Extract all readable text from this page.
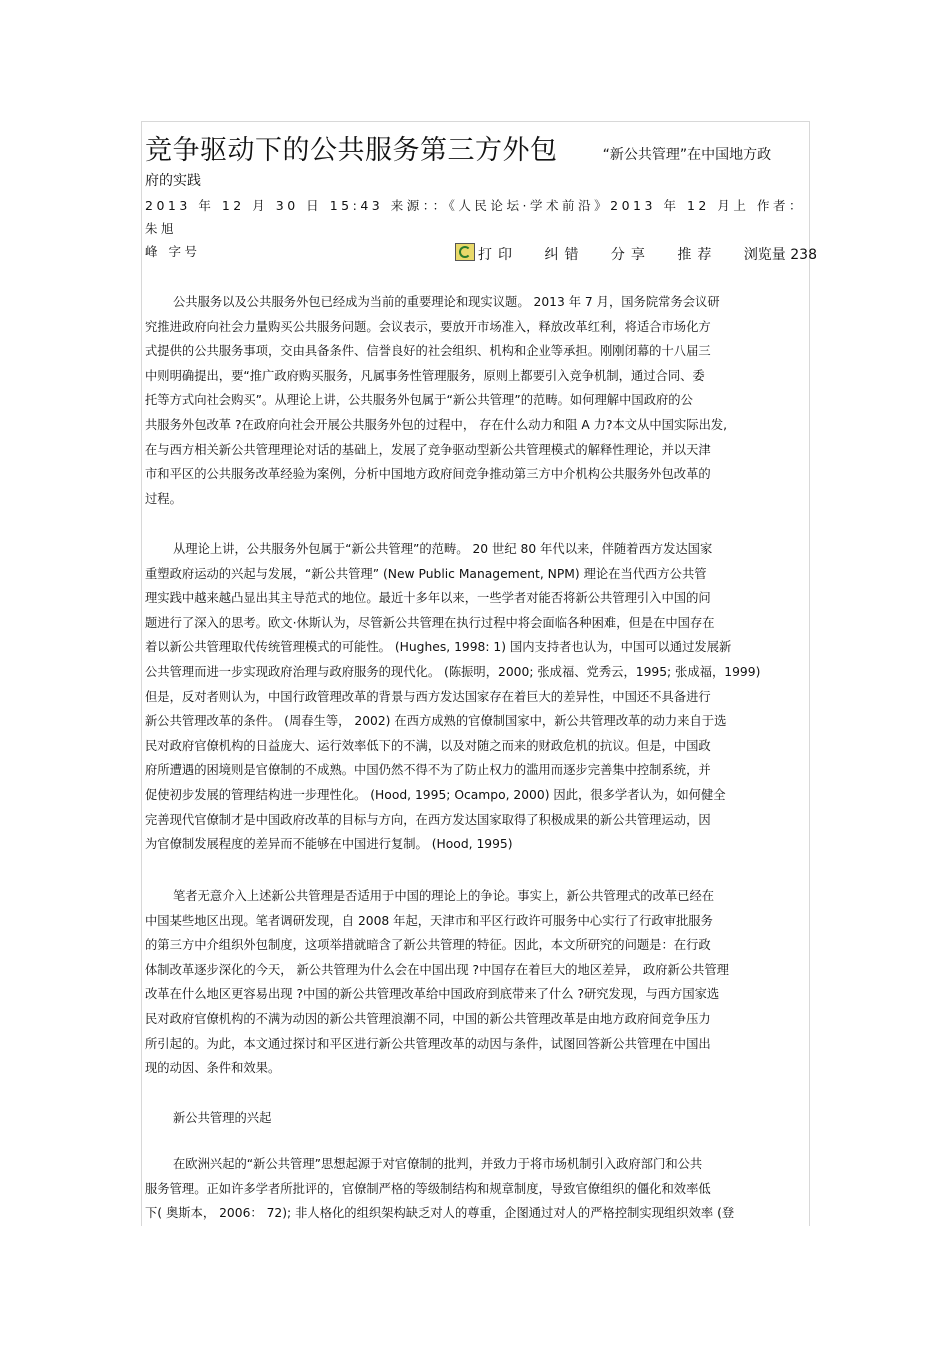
竞争驱动下的公共服务第三方外包	“新公共管理”在中国地方政
府的实践
2013 年 12 月 30 日 15:43 来源：：《人民论坛·学术前沿》2013 年 12 月上 作者：朱旭
峰 字号	打印 纠错 分享 推荐 浏览量 238

公共服务以及公共服务外包已经成为当前的重要理论和现实议题。 2013 年 7 月，国务院常务会议研

究推进政府向社会力量购买公共服务问题。会议表示，要放开市场准入，释放改革红利，将适合市场化方

式提供的公共服务事项，交由具备条件、信誉良好的社会组织、机构和企业等承担。刚刚闭幕的十八届三

中则明确提出，要“推广政府购买服务，凡属事务性管理服务，原则上都要引入竞争机制，通过合同、委

托等方式向社会购买”。从理论上讲，公共服务外包属于“新公共管理”的范畴。如何理解中国政府的公

共服务外包改革 ?在政府向社会开展公共服务外包的过程中， 存在什么动力和阻 A 力?本文从中国实际出发,

在与西方相关新公共管理理论对话的基础上，发展了竞争驱动型新公共管理模式的解释性理论，并以天津

市和平区的公共服务改革经验为案例，分析中国地方政府间竞争推动第三方中介机构公共服务外包改革的

过程。

从理论上讲，公共服务外包属于“新公共管理”的范畴。 20 世纪 80 年代以来，伴随着西方发达国家

重塑政府运动的兴起与发展，“新公共管理” (New Public Management, NPM) 理论在当代西方公共管

理实践中越来越凸显出其主导范式的地位。最近十多年以来，一些学者对能否将新公共管理引入中国的问

题进行了深入的思考。欧文·休斯认为，尽管新公共管理在执行过程中将会面临各种困难，但是在中国存在

着以新公共管理取代传统管理模式的可能性。 (Hughes, 1998: 1) 国内支持者也认为，中国可以通过发展新

公共管理而进一步实现政府治理与政府服务的现代化。 (陈振明，2000; 张成福、党秀云，1995; 张成福，1999)

但是，反对者则认为，中国行政管理改革的背景与西方发达国家存在着巨大的差异性，中国还不具备进行

新公共管理改革的条件。 (周春生等， 2002) 在西方成熟的官僚制国家中，新公共管理改革的动力来自于选

民对政府官僚机构的日益庞大、运行效率低下的不满，以及对随之而来的财政危机的抗议。但是，中国政

府所遭遇的困境则是官僚制的不成熟。中国仍然不得不为了防止权力的滥用而逐步完善集中控制系统，并

促使初步发展的管理结构进一步理性化。 (Hood, 1995; Ocampo, 2000) 因此，很多学者认为，如何健全

完善现代官僚制才是中国政府改革的目标与方向，在西方发达国家取得了积极成果的新公共管理运动，因

为官僚制发展程度的差异而不能够在中国进行复制。 (Hood, 1995)

笔者无意介入上述新公共管理是否适用于中国的理论上的争论。事实上，新公共管理式的改革已经在

中国某些地区出现。笔者调研发现，自 2008 年起，天津市和平区行政许可服务中心实行了行政审批服务

的第三方中介组织外包制度，这项举措就暗含了新公共管理的特征。因此，本文所研究的问题是：在行政

体制改革逐步深化的今天， 新公共管理为什么会在中国出现 ?中国存在着巨大的地区差异， 政府新公共管理

改革在什么地区更容易出现 ?中国的新公共管理改革给中国政府到底带来了什么 ?研究发现，与西方国家选

民对政府官僚机构的不满为动因的新公共管理浪潮不同，中国的新公共管理改革是由地方政府间竞争压力

所引起的。为此，本文通过探讨和平区进行新公共管理改革的动因与条件，试图回答新公共管理在中国出

现的动因、条件和效果。

新公共管理的兴起

在欧洲兴起的“新公共管理”思想起源于对官僚制的批判，并致力于将市场机制引入政府部门和公共

服务管理。正如许多学者所批评的，官僚制严格的等级制结构和规章制度，导致官僚组织的僵化和效率低

下( 奥斯本， 2006： 72); 非人格化的组织架构缺乏对人的尊重，企图通过对人的严格控制实现组织效率 (登
